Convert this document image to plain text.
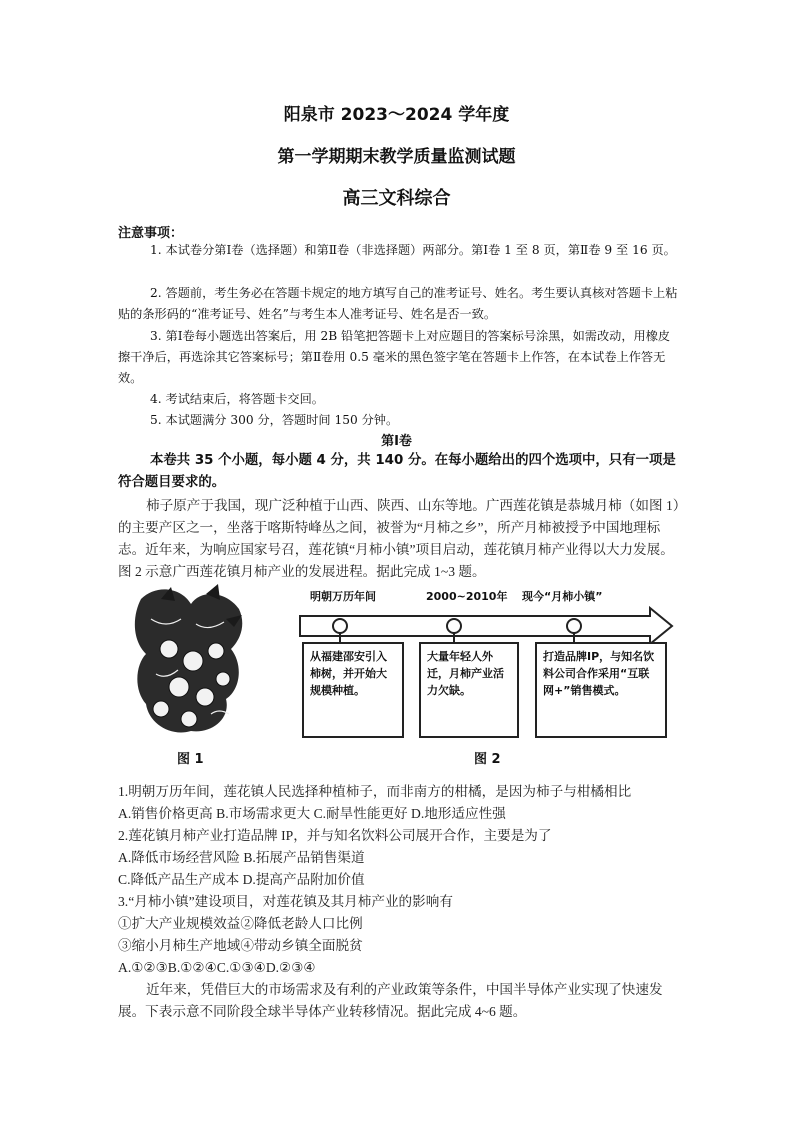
阳泉市 2023～2024 学年度
第一学期期末教学质量监测试题
高三文科综合
注意事项：
1. 本试卷分第Ⅰ卷（选择题）和第Ⅱ卷（非选择题）两部分。第Ⅰ卷 1 至 8 页，第Ⅱ卷 9 至 16 页。
2. 答题前，考生务必在答题卡规定的地方填写自己的准考证号、姓名。考生要认真核对答题卡上粘贴的条形码的“准考证号、姓名”与考生本人准考证号、姓名是否一致。
3. 第Ⅰ卷每小题选出答案后，用 2B 铅笔把答题卡上对应题目的答案标号涂黑，如需改动，用橡皮擦干净后，再选涂其它答案标号；第Ⅱ卷用 0.5 毫米的黑色签字笔在答题卡上作答，在本试卷上作答无效。
4. 考试结束后，将答题卡交回。
5. 本试题满分 300 分，答题时间 150 分钟。
第Ⅰ卷
本卷共 35 个小题，每小题 4 分，共 140 分。在每小题给出的四个选项中，只有一项是符合题目要求的。
柿子原产于我国，现广泛种植于山西、陕西、山东等地。广西莲花镇是恭城月柿（如图 1）的主要产区之一，坐落于喀斯特峰丛之间，被誉为“月柿之乡”，所产月柿被授予中国地理标志。近年来，为响应国家号召，莲花镇“月柿小镇”项目启动，莲花镇月柿产业得以大力发展。图 2 示意广西莲花镇月柿产业的发展进程。据此完成 1~3 题。
图 1
明朝万历年间	2000~2010年 现今“月柿小镇”
从福建邵安引入柿树，并开始大规模种植。
大量年轻人外迁，月柿产业活力欠缺。
打造品牌IP，与知名饮料公司合作采用“互联网+”销售模式。
图 2
1.明朝万历年间，莲花镇人民选择种植柿子，而非南方的柑橘，是因为柿子与柑橘相比
A.销售价格更高 B.市场需求更大 C.耐旱性能更好 D.地形适应性强
2.莲花镇月柿产业打造品牌 IP，并与知名饮料公司展开合作，主要是为了
A.降低市场经营风险 B.拓展产品销售渠道
C.降低产品生产成本 D.提高产品附加价值
3.“月柿小镇”建设项目，对莲花镇及其月柿产业的影响有
①扩大产业规模效益②降低老龄人口比例
③缩小月柿生产地域④带动乡镇全面脱贫
A.①②③B.①②④C.①③④D.②③④
近年来，凭借巨大的市场需求及有利的产业政策等条件，中国半导体产业实现了快速发展。下表示意不同阶段全球半导体产业转移情况。据此完成 4~6 题。
